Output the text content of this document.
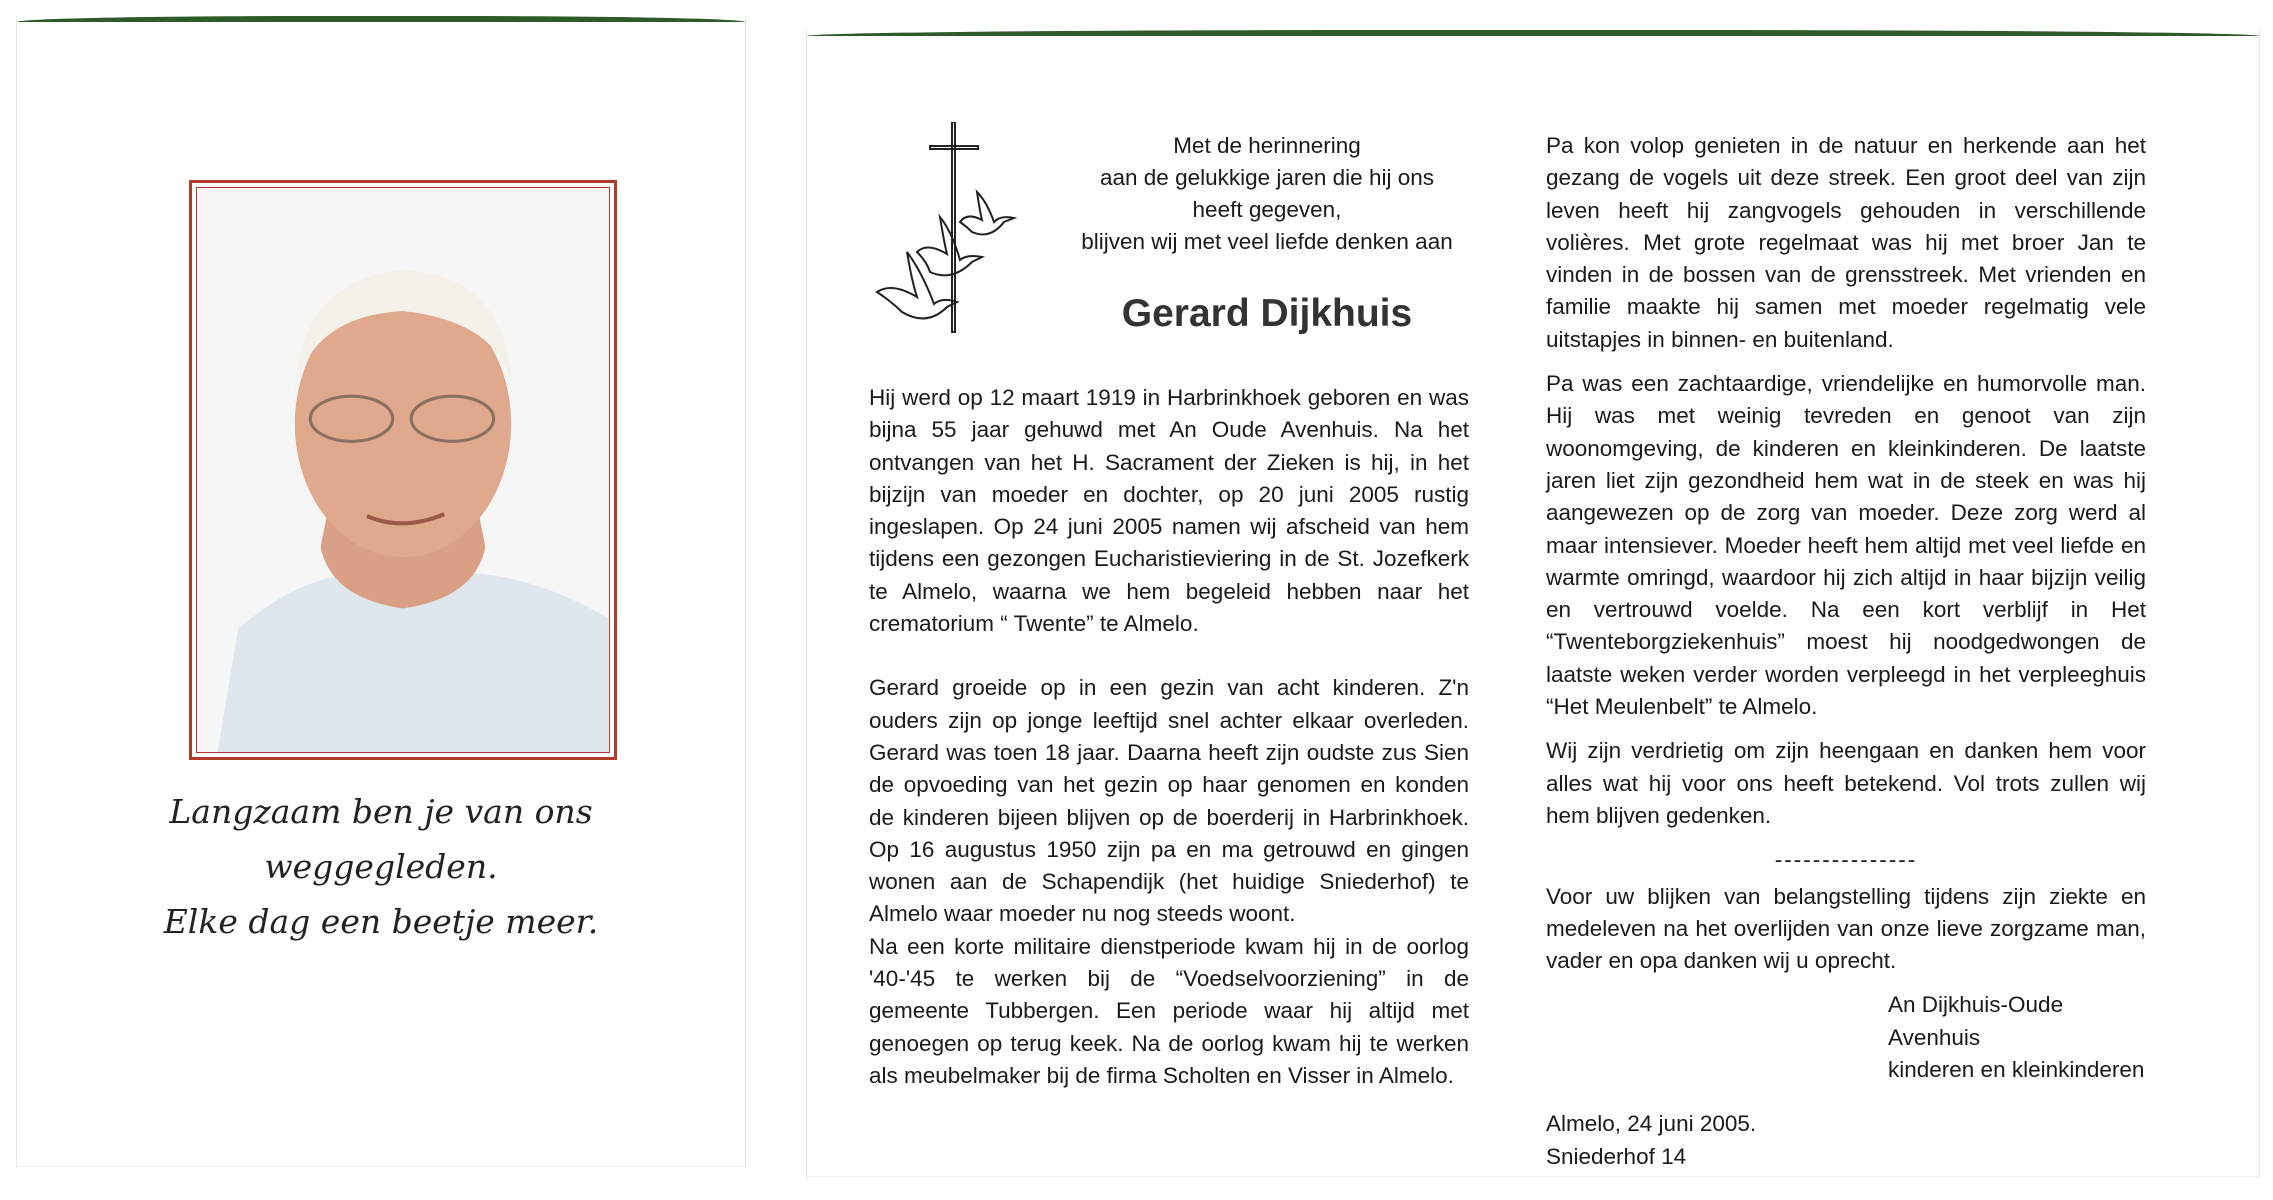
Langzaam ben je van ons
weggegleden.
Elke dag een beetje meer.
Met de herinnering
aan de gelukkige jaren die hij ons
heeft gegeven,
blijven wij met veel liefde denken aan
Gerard Dijkhuis

Hij werd op 12 maart 1919 in Harbrinkhoek geboren en was bijna 55 jaar gehuwd met An Oude Avenhuis. Na het ontvangen van het H. Sacrament der Zieken is hij, in het bijzijn van moeder en dochter, op 20 juni 2005 rustig ingeslapen. Op 24 juni 2005 namen wij afscheid van hem tijdens een gezongen Eucharistieviering in de St. Jozefkerk te Almelo, waarna we hem begeleid hebben naar het crematorium “ Twente” te Almelo.

Gerard groeide op in een gezin van acht kinderen. Z'n ouders zijn op jonge leeftijd snel achter elkaar overleden. Gerard was toen 18 jaar. Daarna heeft zijn oudste zus Sien de opvoeding van het gezin op haar genomen en konden de kinderen bijeen blijven op de boerderij in Harbrinkhoek. Op 16 augustus 1950 zijn pa en ma getrouwd en gingen wonen aan de Schapendijk (het huidige Sniederhof) te Almelo waar moeder nu nog steeds woont.

Na een korte militaire dienstperiode kwam hij in de oorlog '40-'45 te werken bij de “Voedselvoorziening” in de gemeente Tubbergen. Een periode waar hij altijd met genoegen op terug keek. Na de oorlog kwam hij te werken als meubelmaker bij de firma Scholten en Visser in Almelo.

Pa kon volop genieten in de natuur en herkende aan het gezang de vogels uit deze streek. Een groot deel van zijn leven heeft hij zangvogels gehouden in verschillende volières. Met grote regelmaat was hij met broer Jan te vinden in de bossen van de grensstreek. Met vrienden en familie maakte hij samen met moeder regelmatig vele uitstapjes in binnen- en buitenland.

Pa was een zachtaardige, vriendelijke en humorvolle man. Hij was met weinig tevreden en genoot van zijn woonomgeving, de kinderen en kleinkinderen. De laatste jaren liet zijn gezondheid hem wat in de steek en was hij aangewezen op de zorg van moeder. Deze zorg werd al maar intensiever. Moeder heeft hem altijd met veel liefde en warmte omringd, waardoor hij zich altijd in haar bijzijn veilig en vertrouwd voelde. Na een kort verblijf in Het “Twenteborgziekenhuis” moest hij noodgedwongen de laatste weken verder worden verpleegd in het verpleeghuis “Het Meulenbelt” te Almelo.

Wij zijn verdrietig om zijn heengaan en danken hem voor alles wat hij voor ons heeft betekend. Vol trots zullen wij hem blijven gedenken.

---------------

Voor uw blijken van belangstelling tijdens zijn ziekte en medeleven na het overlijden van onze lieve zorgzame man, vader en opa danken wij u oprecht.

An Dijkhuis-Oude Avenhuis
kinderen en kleinkinderen
Almelo, 24 juni 2005.
Sniederhof 14
